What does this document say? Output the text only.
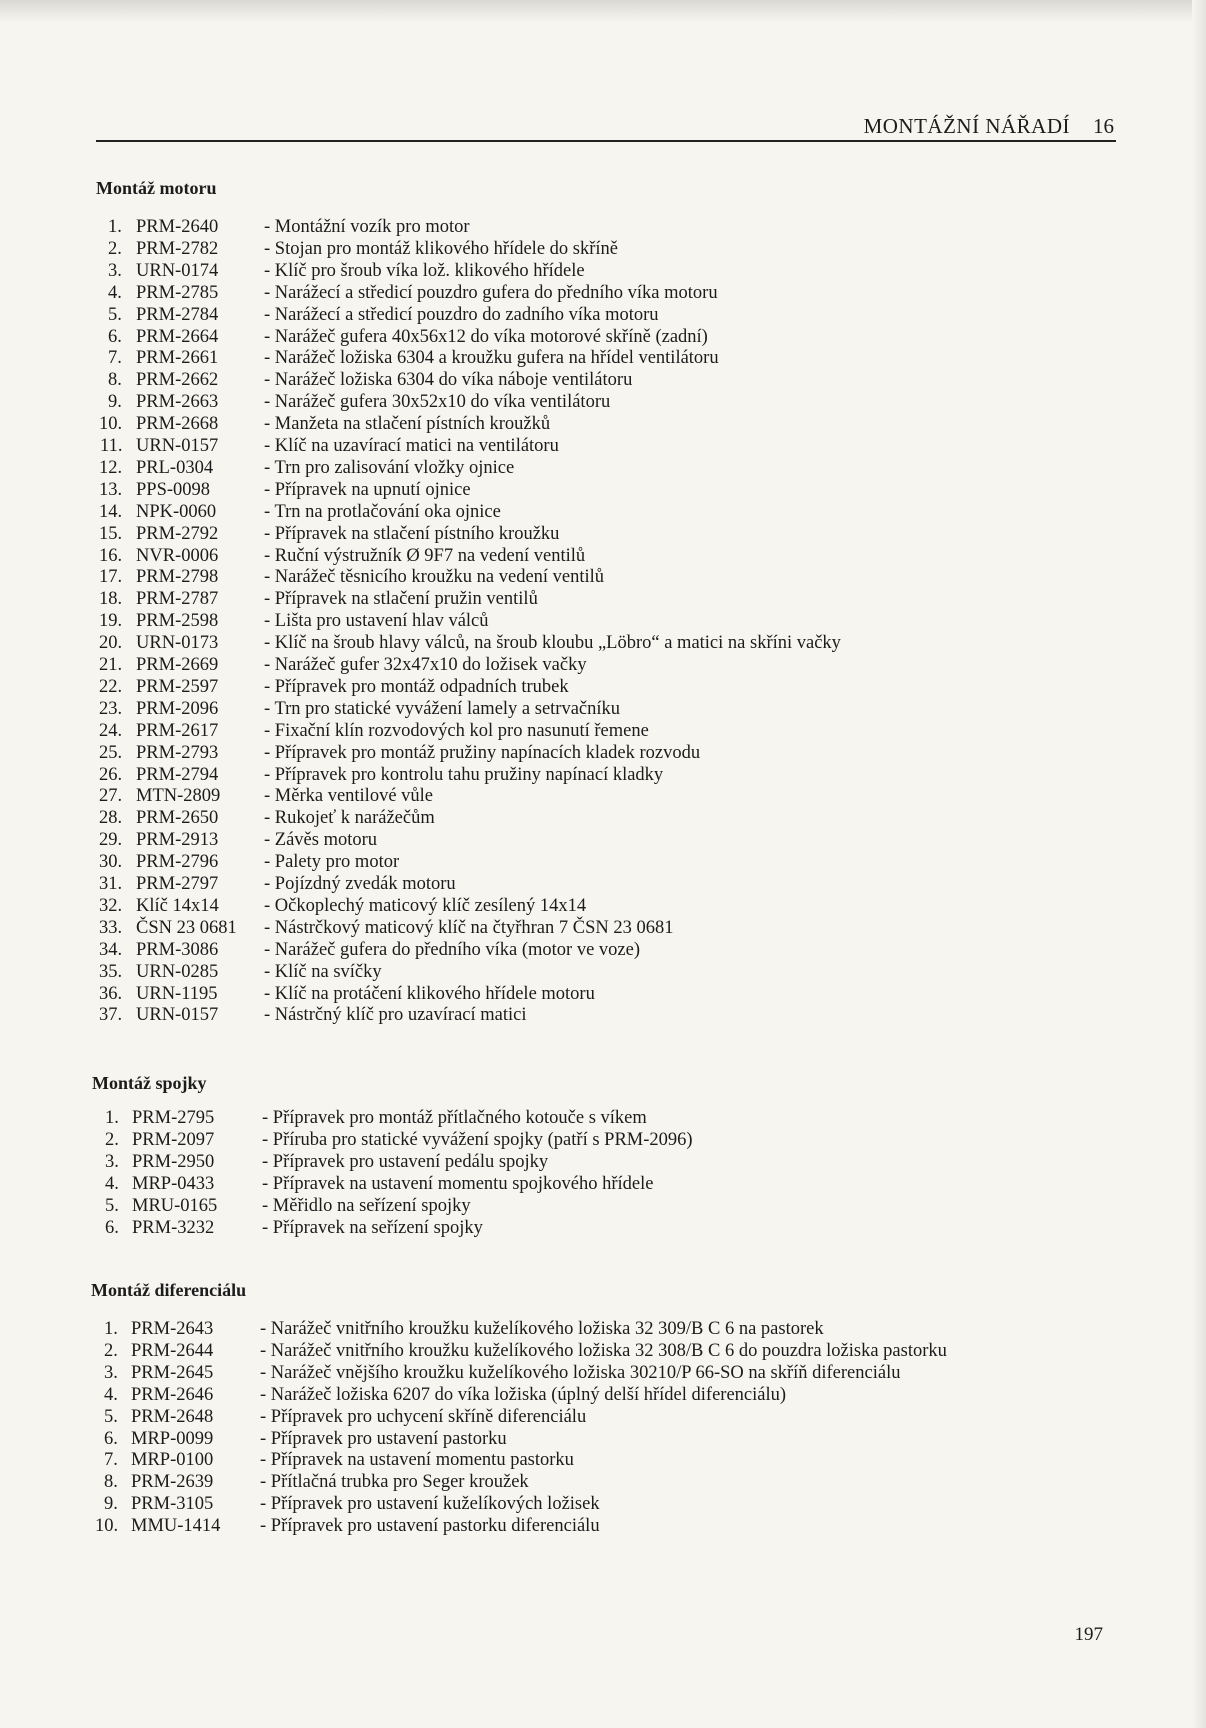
MONTÁŽNÍ NÁŘADÍ 16
Montáž motoru
1. PRM-2640 - Montážní vozík pro motor
2. PRM-2782 - Stojan pro montáž klikového hřídele do skříně
3. URN-0174 - Klíč pro šroub víka lož. klikového hřídele
4. PRM-2785 - Narážecí a středicí pouzdro gufera do předního víka motoru
5. PRM-2784 - Narážecí a středicí pouzdro do zadního víka motoru
6. PRM-2664 - Narážeč gufera 40x56x12 do víka motorové skříně (zadní)
7. PRM-2661 - Narážeč ložiska 6304 a kroužku gufera na hřídel ventilátoru
8. PRM-2662 - Narážeč ložiska 6304 do víka náboje ventilátoru
9. PRM-2663 - Narážeč gufera 30x52x10 do víka ventilátoru
10. PRM-2668 - Manžeta na stlačení pístních kroužků
11. URN-0157 - Klíč na uzavírací matici na ventilátoru
12. PRL-0304	- Trn pro zalisování vložky ojnice
13. PPS-0098	- Přípravek na upnutí ojnice
14. NPK-0060	- Trn na protlačování oka ojnice
15. PRM-2792 - Přípravek na stlačení pístního kroužku
16. NVR-0006 - Ruční výstružník Ø 9F7 na vedení ventilů
17. PRM-2798 - Narážeč těsnicího kroužku na vedení ventilů
18. PRM-2787 - Přípravek na stlačení pružin ventilů
19. PRM-2598 - Lišta pro ustavení hlav válců
20. URN-0173 - Klíč na šroub hlavy válců, na šroub kloubu „Löbro“ a matici na skříni vačky
21. PRM-2669 - Narážeč gufer 32x47x10 do ložisek vačky
22. PRM-2597 - Přípravek pro montáž odpadních trubek
23. PRM-2096 - Trn pro statické vyvážení lamely a setrvačníku
24. PRM-2617 - Fixační klín rozvodových kol pro nasunutí řemene
25. PRM-2793 - Přípravek pro montáž pružiny napínacích kladek rozvodu
26. PRM-2794 - Přípravek pro kontrolu tahu pružiny napínací kladky
27. MTN-2809 - Měrka ventilové vůle
28. PRM-2650 - Rukojeť k narážečům
29. PRM-2913 - Závěs motoru
30. PRM-2796 - Palety pro motor
31. PRM-2797 - Pojízdný zvedák motoru
32. Klíč 14x14 - Očkoplechý maticový klíč zesílený 14x14
33. ČSN 23 0681 - Nástrčkový maticový klíč na čtyřhran 7 ČSN 23 0681
34. PRM-3086 - Narážeč gufera do předního víka (motor ve voze)
35. URN-0285 - Klíč na svíčky
36. URN-1195	- Klíč na protáčení klikového hřídele motoru
37. URN-0157 - Nástrčný klíč pro uzavírací matici
Montáž spojky
1. PRM-2795	- Přípravek pro montáž přítlačného kotouče s víkem
2. PRM-2097	- Příruba pro statické vyvážení spojky (patří s PRM-2096)
3. PRM-2950	- Přípravek pro ustavení pedálu spojky
4. MRP-0433	- Přípravek na ustavení momentu spojkového hřídele
5. MRU-0165 - Měřidlo na seřízení spojky
6. PRM-3232	- Přípravek na seřízení spojky
Montáž diferenciálu
1. PRM-2643	- Narážeč vnitřního kroužku kuželíkového ložiska 32 309/B C 6 na pastorek
2. PRM-2644	- Narážeč vnitřního kroužku kuželíkového ložiska 32 308/B C 6 do pouzdra ložiska pastorku
3. PRM-2645	- Narážeč vnějšího kroužku kuželíkového ložiska 30210/P 66-SO na skříň diferenciálu
4. PRM-2646	- Narážeč ložiska 6207 do víka ložiska (úplný delší hřídel diferenciálu)
5. PRM-2648	- Přípravek pro uchycení skříně diferenciálu
6. MRP-0099	- Přípravek pro ustavení pastorku
7. MRP-0100	- Přípravek na ustavení momentu pastorku
8. PRM-2639	- Přítlačná trubka pro Seger kroužek
9. PRM-3105	- Přípravek pro ustavení kuželíkových ložisek
10. MMU-1414 - Přípravek pro ustavení pastorku diferenciálu
197
